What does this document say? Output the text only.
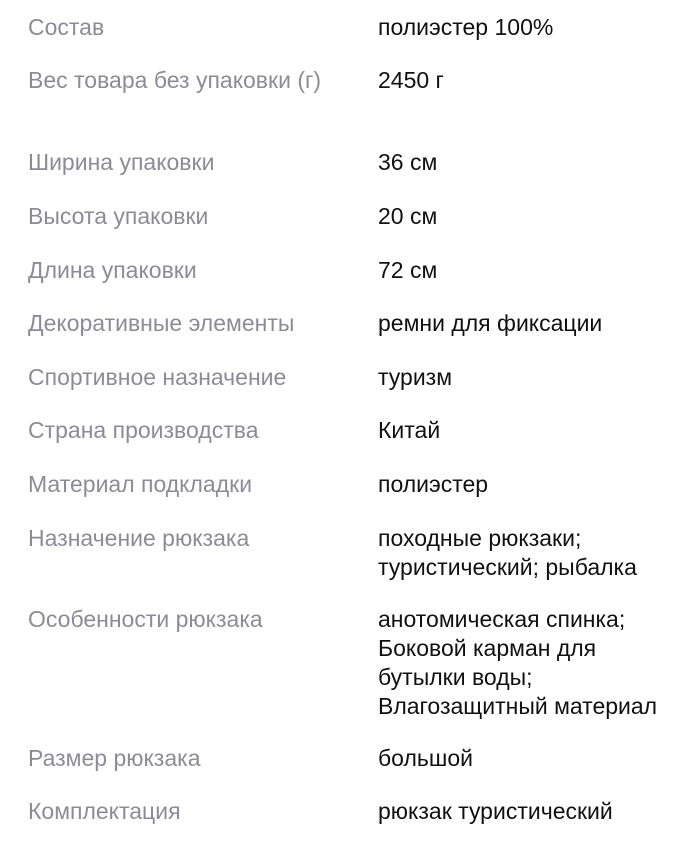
Состав	полиэстер 100%
Вес товара без упаковки (г)	2450 г
Ширина упаковки	36 см
Высота упаковки	20 см
Длина упаковки	72 см
Декоративные элементы	ремни для фиксации
Спортивное назначение	туризм
Страна производства	Китай
Материал подкладки	полиэстер
Назначение рюкзака	походные рюкзаки;
туристический; рыбалка
Особенности рюкзака	анотомическая спинка;
Боковой карман для
бутылки воды;
Влагозащитный материал
Размер рюкзака	большой
Комплектация	рюкзак туристический
